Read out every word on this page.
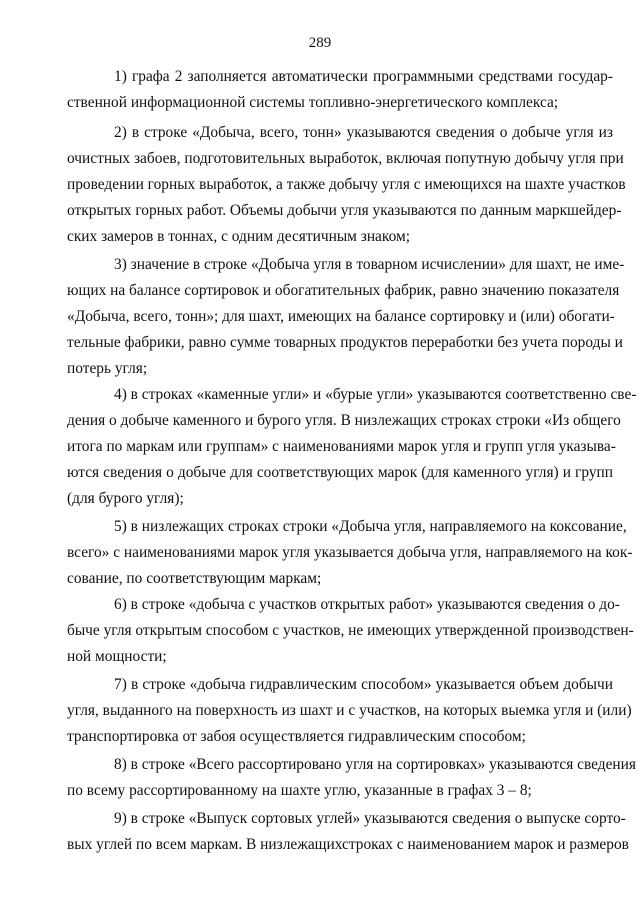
289
1) графа 2 заполняется автоматически программными средствами государ-
ственной информационной системы топливно-энергетического комплекса;
2) в строке «Добыча, всего, тонн» указываются сведения о добыче угля из
очистных забоев, подготовительных выработок, включая попутную добычу угля при
проведении горных выработок, а также добычу угля с имеющихся на шахте участков
открытых горных работ. Объемы добычи угля указываются по данным маркшейдер-
ских замеров в тоннах, с одним десятичным знаком;
3) значение в строке «Добыча угля в товарном исчислении» для шахт, не име-
ющих на балансе сортировок и обогатительных фабрик, равно значению показателя
«Добыча, всего, тонн»; для шахт, имеющих на балансе сортировку и (или) обогати-
тельные фабрики, равно сумме товарных продуктов переработки без учета породы и
потерь угля;
4) в строках «каменные угли» и «бурые угли» указываются соответственно све-
дения о добыче каменного и бурого угля. В низлежащих строках строки «Из общего
итога по маркам или группам» с наименованиями марок угля и групп угля указыва-
ются сведения о добыче для соответствующих марок (для каменного угля) и групп
(для бурого угля);
5) в низлежащих строках строки «Добыча угля, направляемого на коксование,
всего» с наименованиями марок угля указывается добыча угля, направляемого на кок-
сование, по соответствующим маркам;
6) в строке «добыча с участков открытых работ» указываются сведения о до-
быче угля открытым способом с участков, не имеющих утвержденной производствен-
ной мощности;
7) в строке «добыча гидравлическим способом» указывается объем добычи
угля, выданного на поверхность из шахт и с участков, на которых выемка угля и (или)
транспортировка от забоя осуществляется гидравлическим способом;
8) в строке «Всего рассортировано угля на сортировках» указываются сведения
по всему рассортированному на шахте углю, указанные в графах 3 – 8;
9) в строке «Выпуск сортовых углей» указываются сведения о выпуске сорто-
вых углей по всем маркам. В низлежащихстроках с наименованием марок и размеров
